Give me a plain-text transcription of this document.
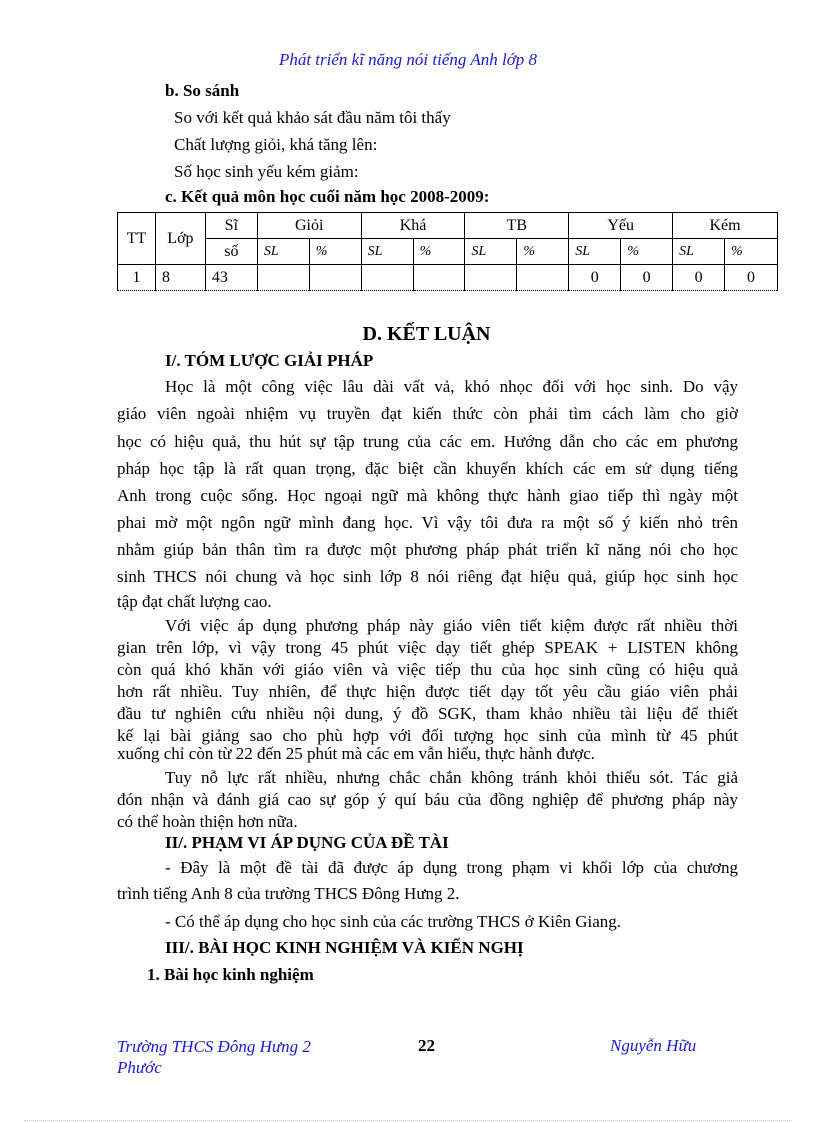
Phát triển kĩ năng nói tiếng Anh lớp 8
b. So sánh
So với kết quả khảo sát đầu năm tôi thấy
Chất lượng giỏi, khá tăng lên:
Số học sinh yếu kém giảm:
c. Kết quả môn học cuối năm học 2008-2009:
TT	Lớp	Sĩ	Giỏi		Khá		TB		Yếu		Kém	
		số	SL	%	SL	%	SL	%	SL	%	SL	%
1	8	43							0	0	0	0
D. KẾT LUẬN
I/. TÓM LƯỢC GIẢI PHÁP
Học là một công việc lâu dài vất vả, khó nhọc đối với học sinh. Do vậy
giáo viên ngoài nhiệm vụ truyền đạt kiến thức còn phải tìm cách làm cho giờ
học có hiệu quả, thu hút sự tập trung của các em. Hướng dẫn cho các em phương
pháp học tập là rất quan trọng, đặc biệt cần khuyến khích các em sử dụng tiếng
Anh trong cuộc sống. Học ngoại ngữ mà không thực hành giao tiếp thì ngày một
phai mờ một ngôn ngữ mình đang học. Vì vậy tôi đưa ra một số ý kiến nhỏ trên
nhằm giúp bản thân tìm ra được một phương pháp phát triển kĩ năng nói cho học
sinh THCS nói chung và học sinh lớp 8 nói riêng đạt hiệu quả, giúp học sinh học
tập đạt chất lượng cao.
Với việc áp dụng phương pháp này giáo viên tiết kiệm được rất nhiều thời
gian trên lớp, vì vậy trong 45 phút việc dạy tiết ghép SPEAK + LISTEN không
còn quá khó khăn với giáo viên và việc tiếp thu của học sinh cũng có hiệu quả
hơn rất nhiều. Tuy nhiên, để thực hiện được tiết dạy tốt yêu cầu giáo viên phải
đầu tư nghiên cứu nhiều nội dung, ý đồ SGK, tham khảo nhiều tài liệu để thiết
kế lại bài giảng sao cho phù hợp với đối tượng học sinh của mình từ 45 phút
xuống chỉ còn từ 22 đến 25 phút mà các em vẫn hiểu, thực hành được.
Tuy nỗ lực rất nhiều, nhưng chắc chắn không tránh khỏi thiếu sót. Tác giả
đón nhận và đánh giá cao sự góp ý quí báu của đồng nghiệp để phương pháp này
có thể hoàn thiện hơn nữa.
II/. PHẠM VI ÁP DỤNG CỦA ĐỀ TÀI
- Đây là một đề tài đã được áp dụng trong phạm vi khối lớp của chương
trình tiếng Anh 8 của trường THCS Đông Hưng 2.
- Có thể áp dụng cho học sinh của các trường THCS ở Kiên Giang.
III/. BÀI HỌC KINH NGHIỆM VÀ KIẾN NGHỊ
1. Bài học kinh nghiệm
Trường THCS Đông Hưng 2
Phước
22	Nguyễn Hữu
